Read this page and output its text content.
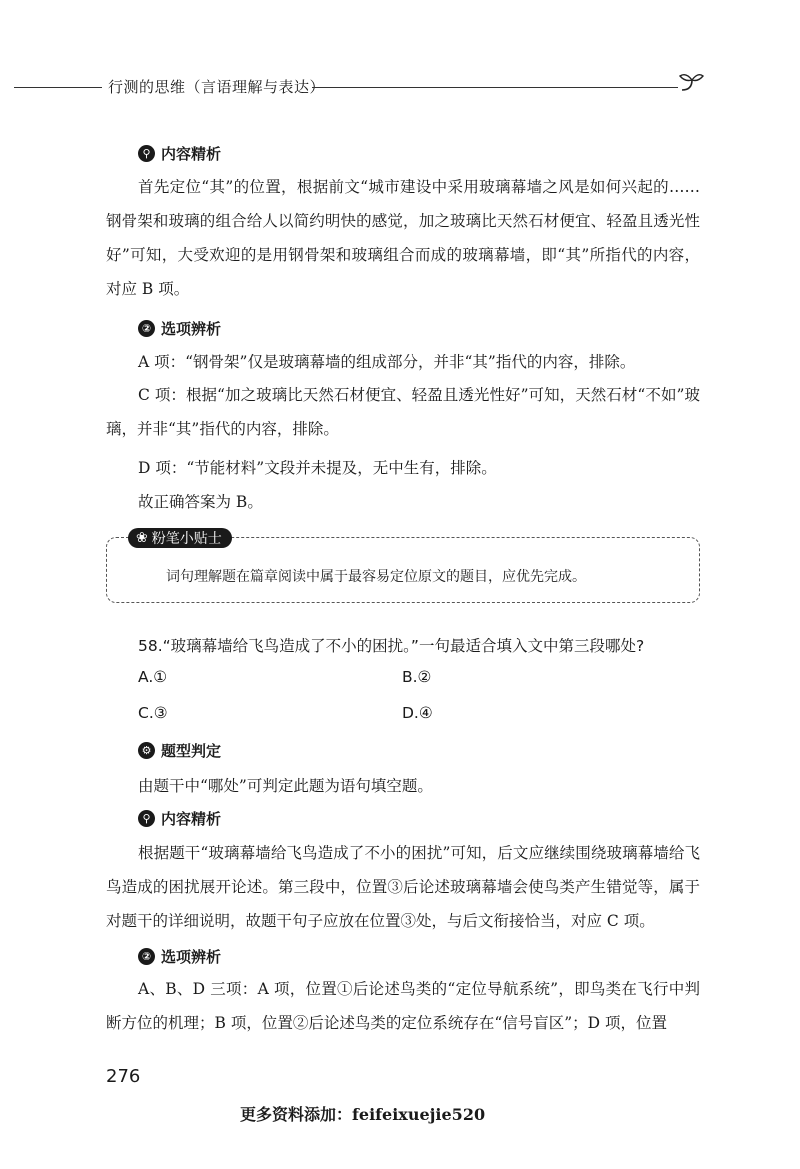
行测的思维（言语理解与表达）
⚲ 内容精析

首先定位“其”的位置，根据前文“城市建设中采用玻璃幕墙之风是如何兴起的……钢骨架和玻璃的组合给人以简约明快的感觉，加之玻璃比天然石材便宜、轻盈且透光性好”可知，大受欢迎的是用钢骨架和玻璃组合而成的玻璃幕墙，即“其”所指代的内容，对应 B 项。

② 选项辨析
A 项：“钢骨架”仅是玻璃幕墙的组成部分，并非“其”指代的内容，排除。

C 项：根据“加之玻璃比天然石材便宜、轻盈且透光性好”可知，天然石材“不如”玻璃，并非“其”指代的内容，排除。

D 项：“节能材料”文段并未提及，无中生有，排除。
故正确答案为 B。
❀ 粉笔小贴士
词句理解题在篇章阅读中属于最容易定位原文的题目，应优先完成。
58.“玻璃幕墙给飞鸟造成了不小的困扰。”一句最适合填入文中第三段哪处?
A.①	B.②
C.③	D.④
⚙ 题型判定
由题干中“哪处”可判定此题为语句填空题。
⚲ 内容精析

根据题干“玻璃幕墙给飞鸟造成了不小的困扰”可知，后文应继续围绕玻璃幕墙给飞鸟造成的困扰展开论述。第三段中，位置③后论述玻璃幕墙会使鸟类产生错觉等，属于对题干的详细说明，故题干句子应放在位置③处，与后文衔接恰当，对应 C 项。

② 选项辨析

A、B、D 三项：A 项，位置①后论述鸟类的“定位导航系统”，即鸟类在飞行中判断方位的机理；B 项，位置②后论述鸟类的定位系统存在“信号盲区”；D 项，位置

276
更多资料添加：feifeixuejie520
